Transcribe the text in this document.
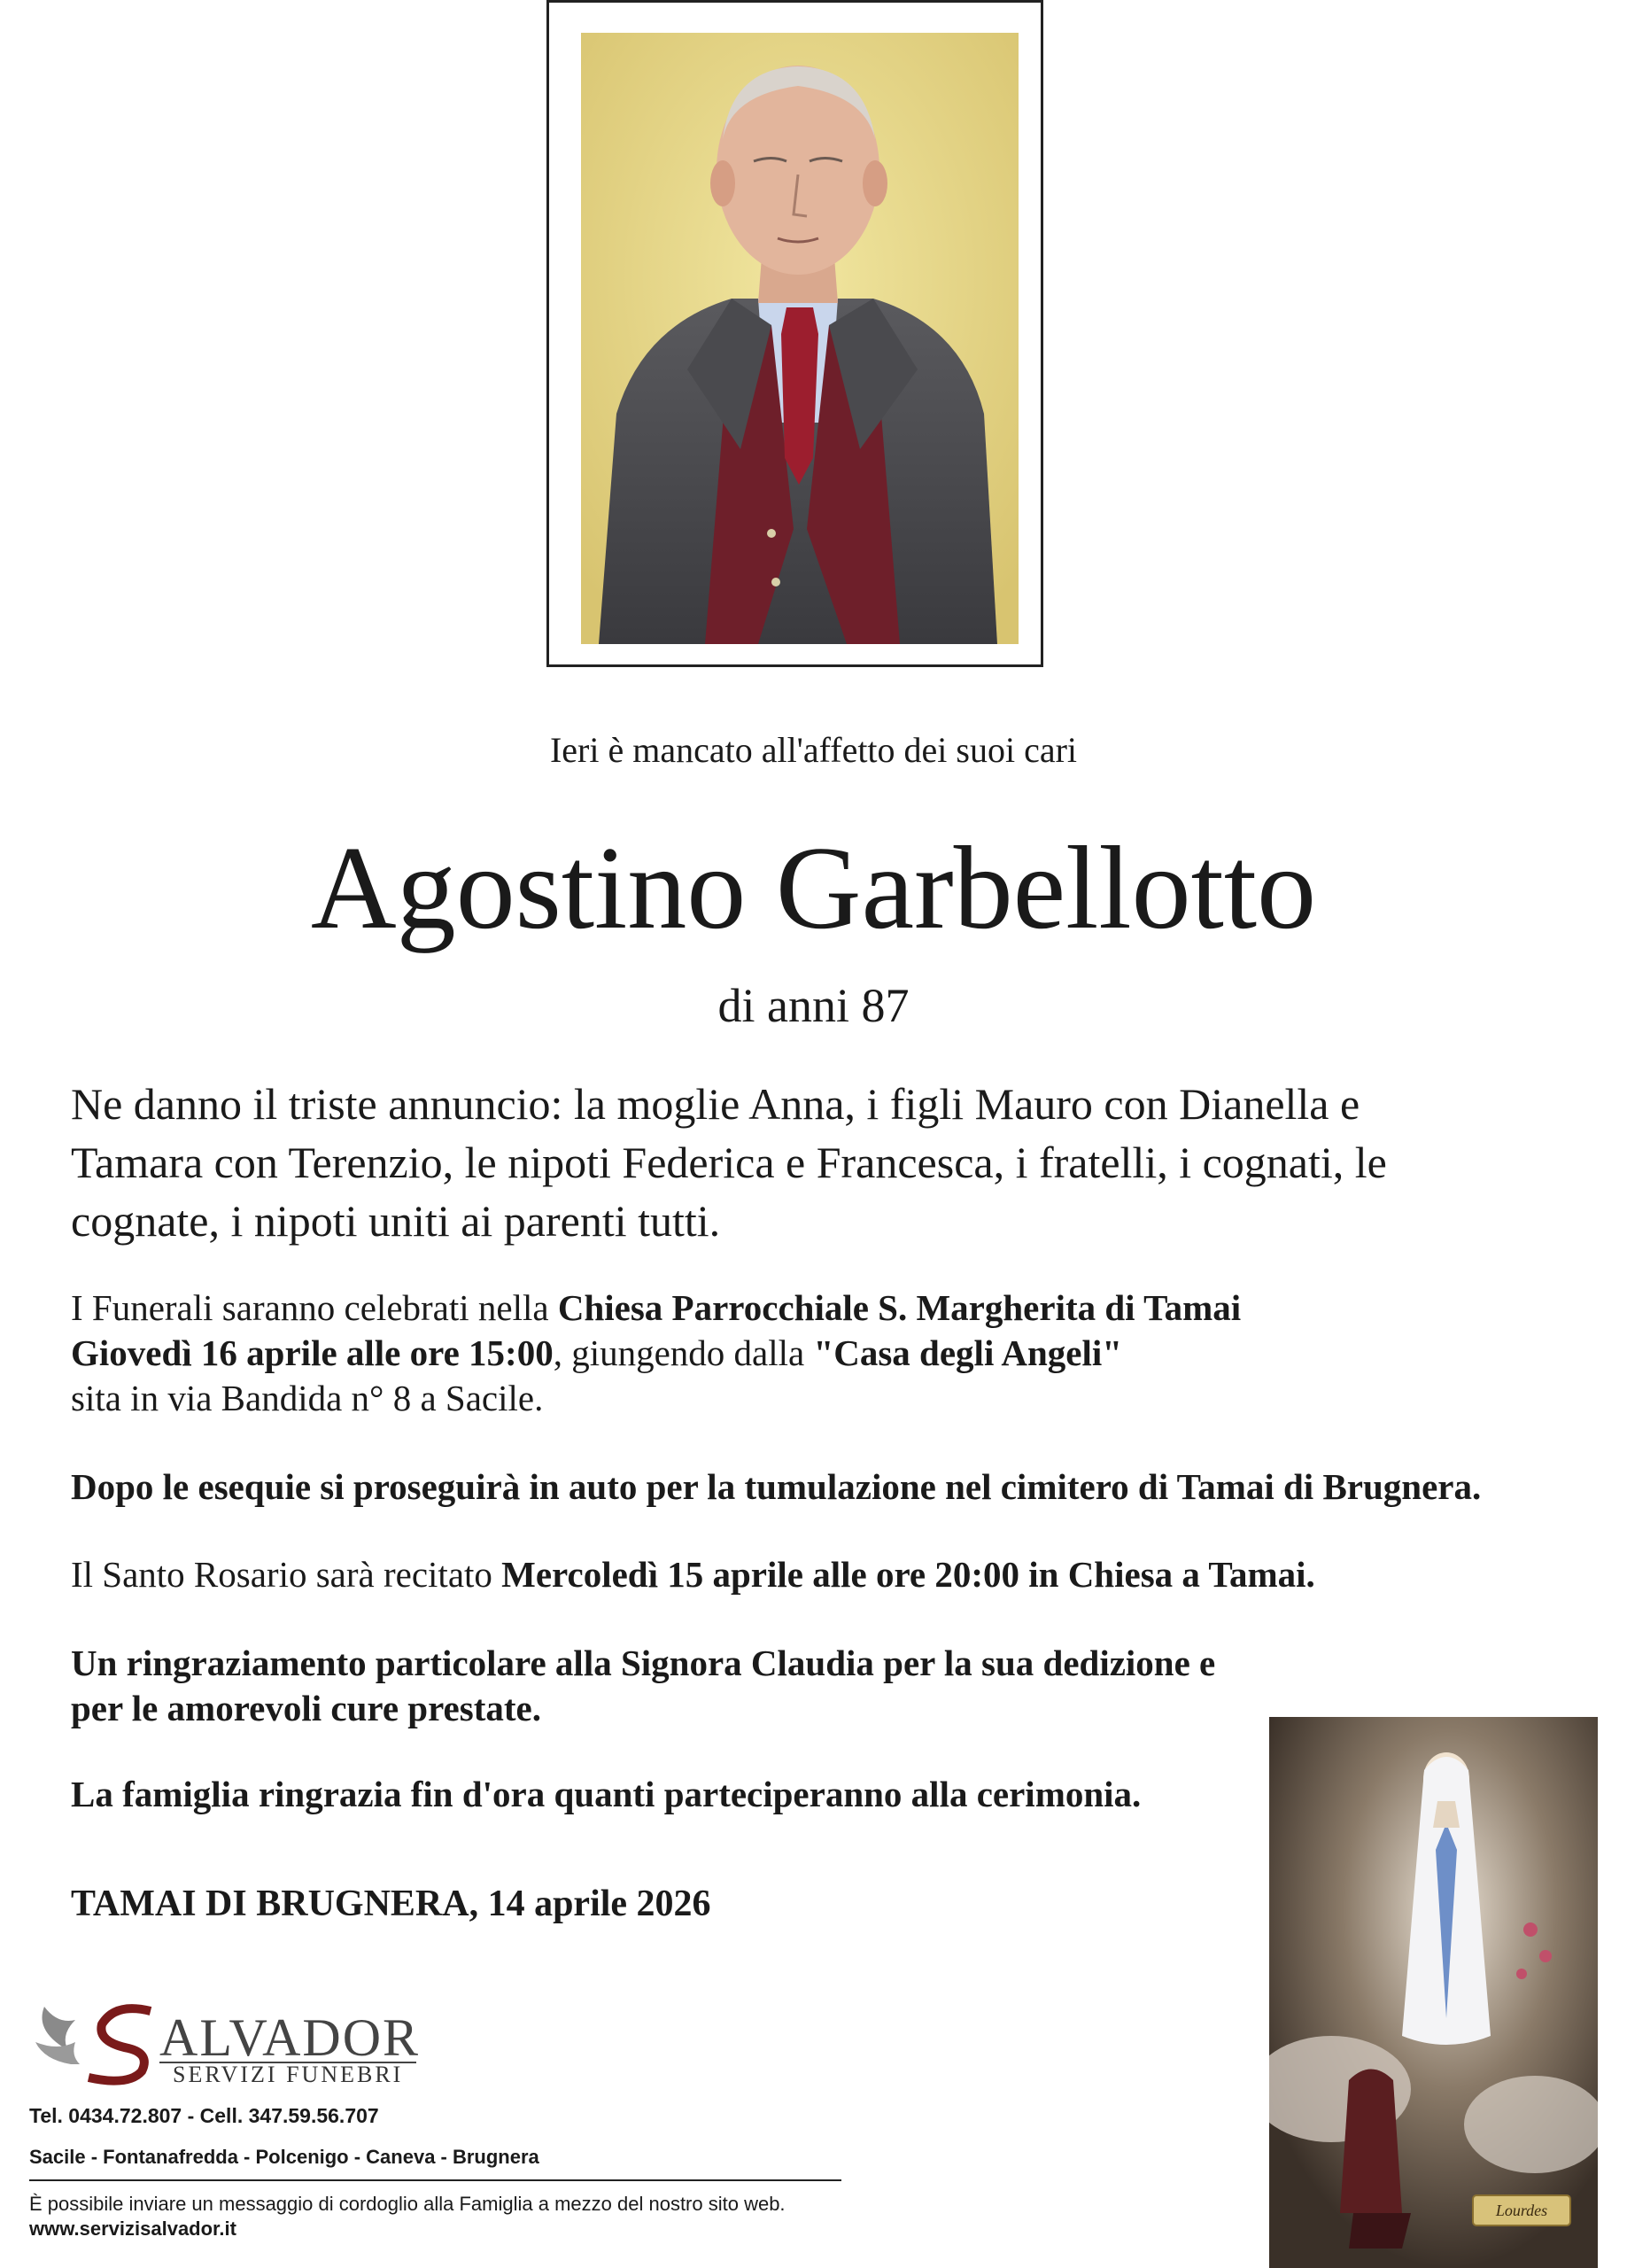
Ieri è mancato all'affetto dei suoi cari
Agostino Garbellotto
di anni 87
Ne danno il triste annuncio: la moglie Anna, i figli Mauro con Dianella e Tamara con Terenzio, le nipoti Federica e Francesca, i fratelli, i cognati, le cognate, i nipoti uniti ai parenti tutti.
I Funerali saranno celebrati nella Chiesa Parrocchiale S. Margherita di Tamai
Giovedì 16 aprile alle ore 15:00, giungendo dalla "Casa degli Angeli"
sita in via Bandida n° 8 a Sacile.
Dopo le esequie si proseguirà in auto per la tumulazione nel cimitero di Tamai di Brugnera.
Il Santo Rosario sarà recitato Mercoledì 15 aprile alle ore 20:00 in Chiesa a Tamai.
Un ringraziamento particolare alla Signora Claudia per la sua dedizione e
per le amorevoli cure prestate.
La famiglia ringrazia fin d'ora quanti parteciperanno alla cerimonia.
TAMAI DI BRUGNERA, 14 aprile 2026
ALVADOR
SERVIZI FUNEBRI
Tel. 0434.72.807 - Cell. 347.59.56.707
Sacile - Fontanafredda - Polcenigo - Caneva - Brugnera
È possibile inviare un messaggio di cordoglio alla Famiglia a mezzo del nostro sito web.
www.servizisalvador.it
Lourdes
